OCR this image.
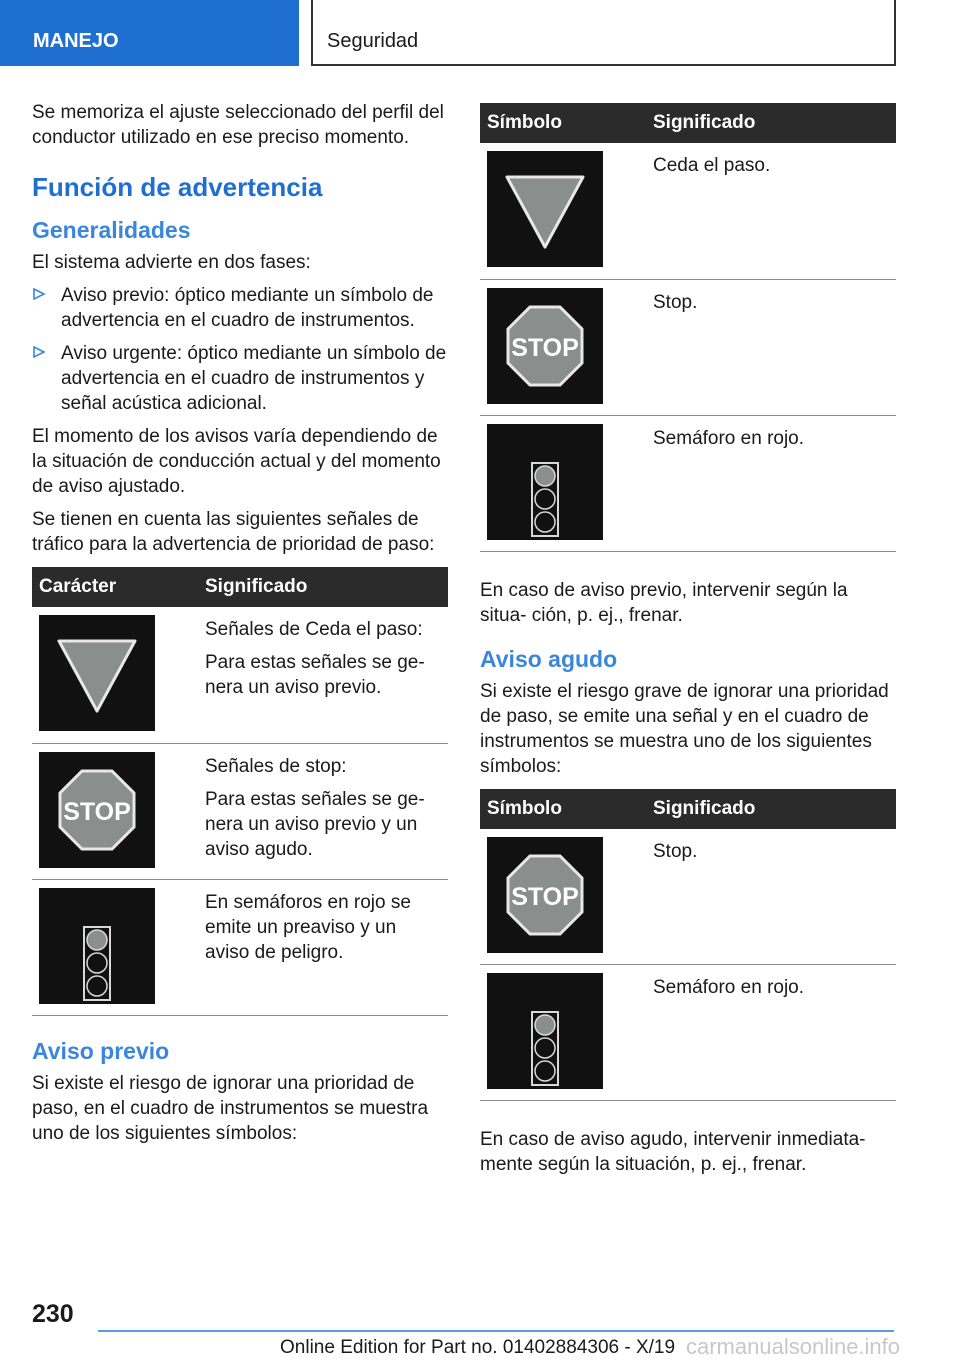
MANEJO	Seguridad

Se memoriza el ajuste seleccionado del perfil del conductor utilizado en ese preciso momento.

Función de advertencia
Generalidades

El sistema advierte en dos fases:

Aviso previo: óptico mediante un símbolo de advertencia en el cuadro de instrumentos.
Aviso urgente: óptico mediante un símbolo de advertencia en el cuadro de instrumentos y señal acústica adicional.

El momento de los avisos varía dependiendo de la situación de conducción actual y del momento de aviso ajustado.

Se tienen en cuenta las siguientes señales de tráfico para la advertencia de prioridad de paso:

Carácter	Significado

	Señales de Ceda el paso:
Para estas señales se ge- nera un aviso previo.

STOP	Señales de stop:
Para estas señales se ge- nera un aviso previo y un aviso agudo.

	En semáforos en rojo se emite un preaviso y un aviso de peligro.
Aviso previo

Si existe el riesgo de ignorar una prioridad de paso, en el cuadro de instrumentos se muestra uno de los siguientes símbolos:

Símbolo	Significado

	Ceda el paso.

STOP	Stop.

	Semáforo en rojo.

En caso de aviso previo, intervenir según la situa- ción, p. ej., frenar.

Aviso agudo

Si existe el riesgo grave de ignorar una prioridad de paso, se emite una señal y en el cuadro de instrumentos se muestra uno de los siguientes símbolos:

Símbolo	Significado

STOP	Stop.

	Semáforo en rojo.

En caso de aviso agudo, intervenir inmediata- mente según la situación, p. ej., frenar.

230
Online Edition for Part no. 01402884306 - X/19 carmanualsonline.info
